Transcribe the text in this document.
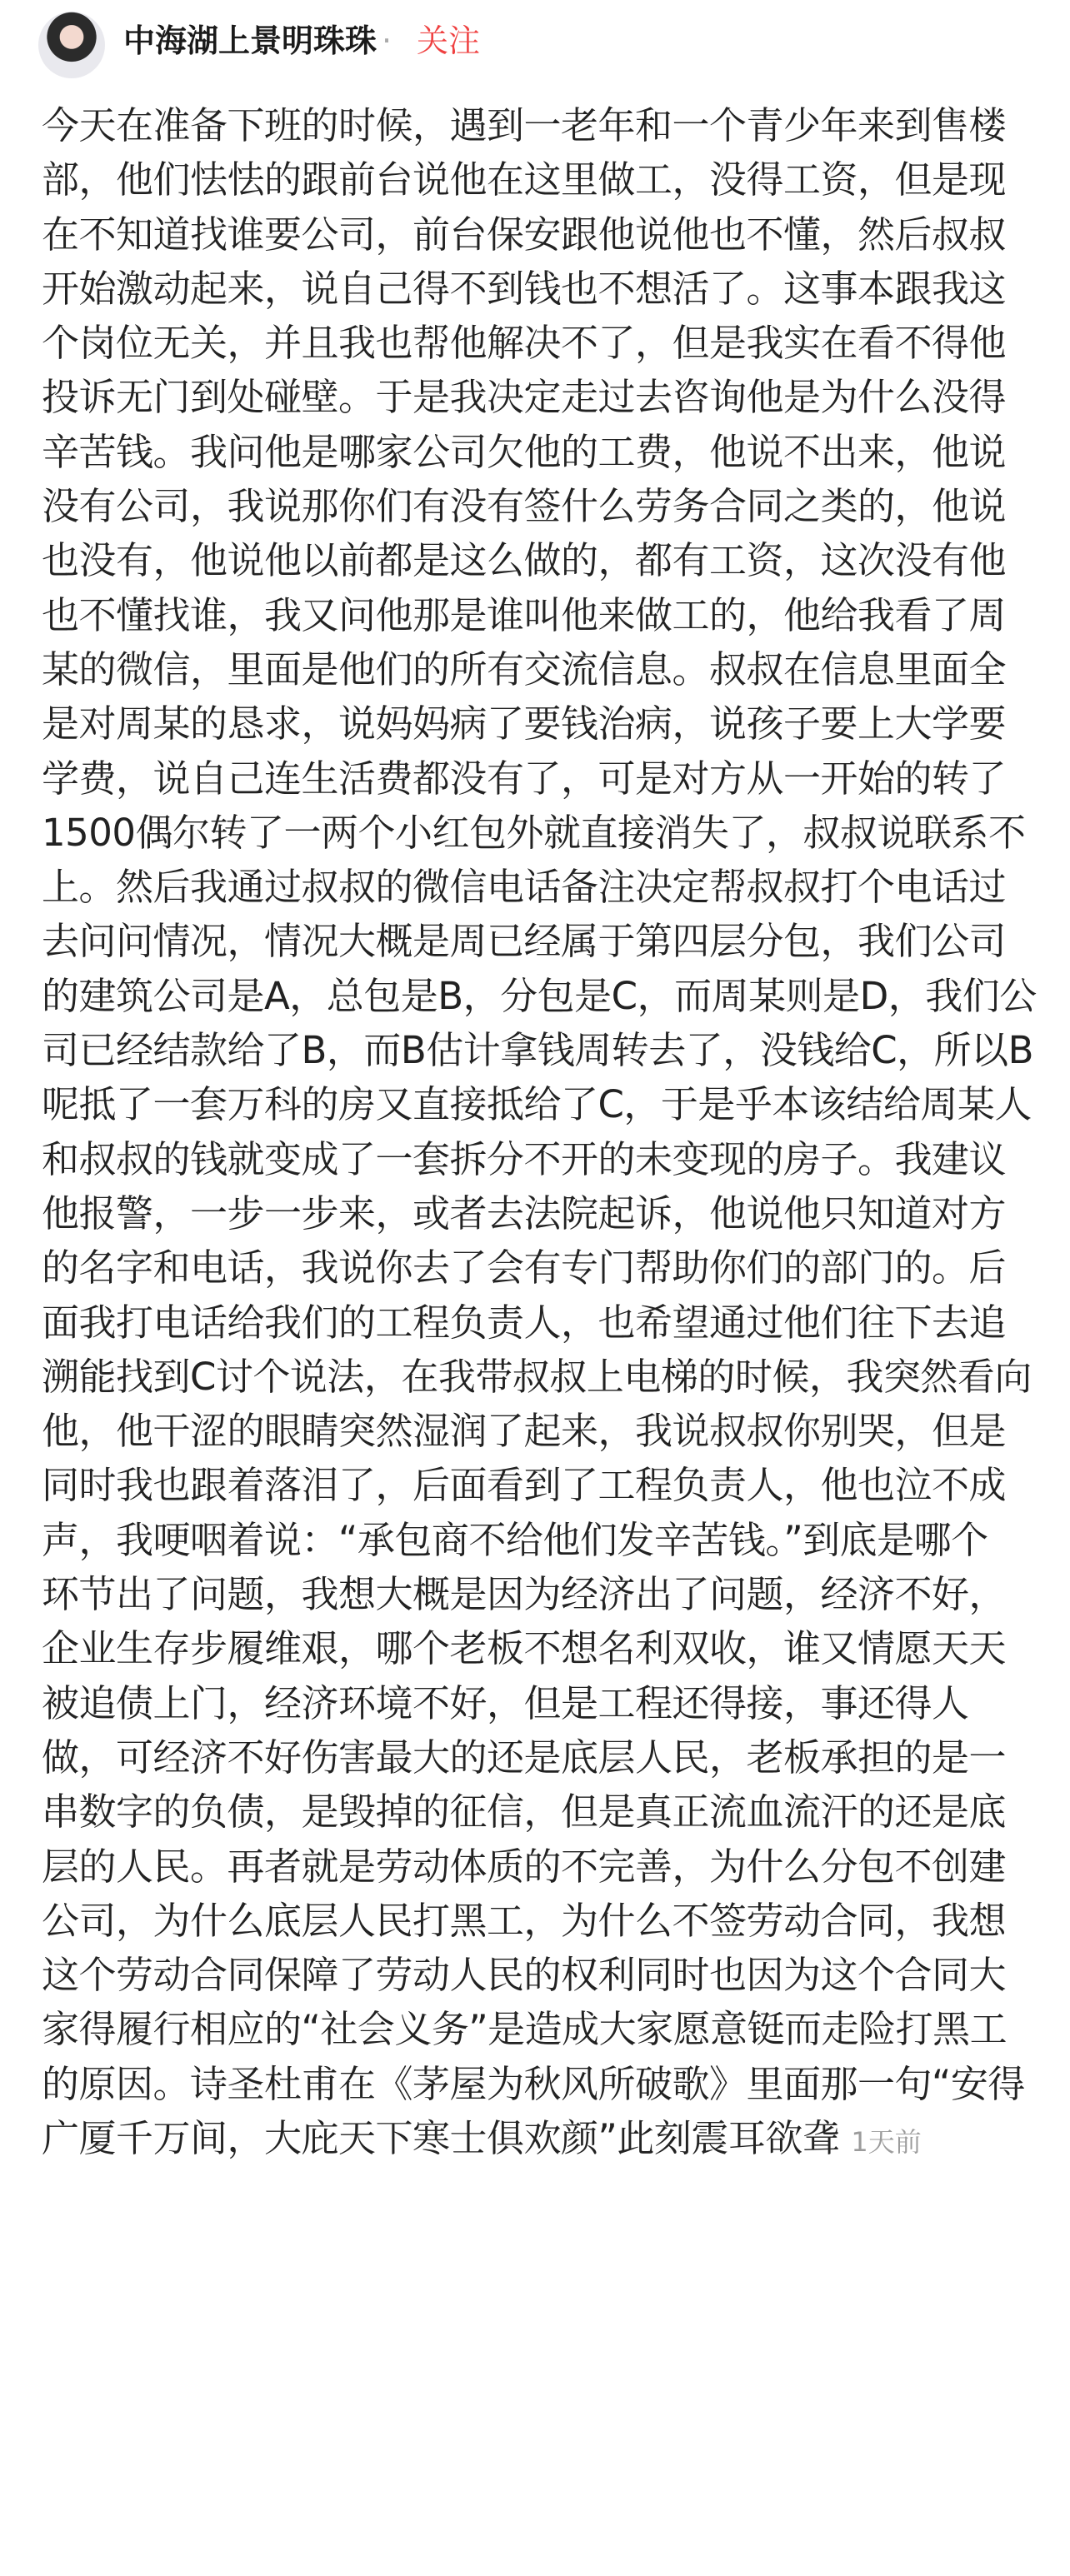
中海湖上景明珠珠 · 关注
今天在准备下班的时候，遇到一老年和一个青少年来到售楼
部，他们怯怯的跟前台说他在这里做工，没得工资，但是现
在不知道找谁要公司，前台保安跟他说他也不懂，然后叔叔
开始激动起来，说自己得不到钱也不想活了。这事本跟我这
个岗位无关，并且我也帮他解决不了，但是我实在看不得他
投诉无门到处碰壁。于是我决定走过去咨询他是为什么没得
辛苦钱。我问他是哪家公司欠他的工费，他说不出来，他说
没有公司，我说那你们有没有签什么劳务合同之类的，他说
也没有，他说他以前都是这么做的，都有工资，这次没有他
也不懂找谁，我又问他那是谁叫他来做工的，他给我看了周
某的微信，里面是他们的所有交流信息。叔叔在信息里面全
是对周某的恳求，说妈妈病了要钱治病，说孩子要上大学要
学费，说自己连生活费都没有了，可是对方从一开始的转了
1500偶尔转了一两个小红包外就直接消失了，叔叔说联系不
上。然后我通过叔叔的微信电话备注决定帮叔叔打个电话过
去问问情况，情况大概是周已经属于第四层分包，我们公司
的建筑公司是A，总包是B，分包是C，而周某则是D，我们公
司已经结款给了B，而B估计拿钱周转去了，没钱给C，所以B
呢抵了一套万科的房又直接抵给了C，于是乎本该结给周某人
和叔叔的钱就变成了一套拆分不开的未变现的房子。我建议
他报警，一步一步来，或者去法院起诉，他说他只知道对方
的名字和电话，我说你去了会有专门帮助你们的部门的。后
面我打电话给我们的工程负责人，也希望通过他们往下去追
溯能找到C讨个说法，在我带叔叔上电梯的时候，我突然看向
他，他干涩的眼睛突然湿润了起来，我说叔叔你别哭，但是
同时我也跟着落泪了，后面看到了工程负责人，他也泣不成
声，我哽咽着说：“承包商不给他们发辛苦钱。”到底是哪个
环节出了问题，我想大概是因为经济出了问题，经济不好，
企业生存步履维艰，哪个老板不想名利双收，谁又情愿天天
被追债上门，经济环境不好，但是工程还得接，事还得人
做，可经济不好伤害最大的还是底层人民，老板承担的是一
串数字的负债，是毁掉的征信，但是真正流血流汗的还是底
层的人民。再者就是劳动体质的不完善，为什么分包不创建
公司，为什么底层人民打黑工，为什么不签劳动合同，我想
这个劳动合同保障了劳动人民的权利同时也因为这个合同大
家得履行相应的“社会义务”是造成大家愿意铤而走险打黑工
的原因。诗圣杜甫在《茅屋为秋风所破歌》里面那一句“安得
广厦千万间，大庇天下寒士俱欢颜”此刻震耳欲聋 1天前
